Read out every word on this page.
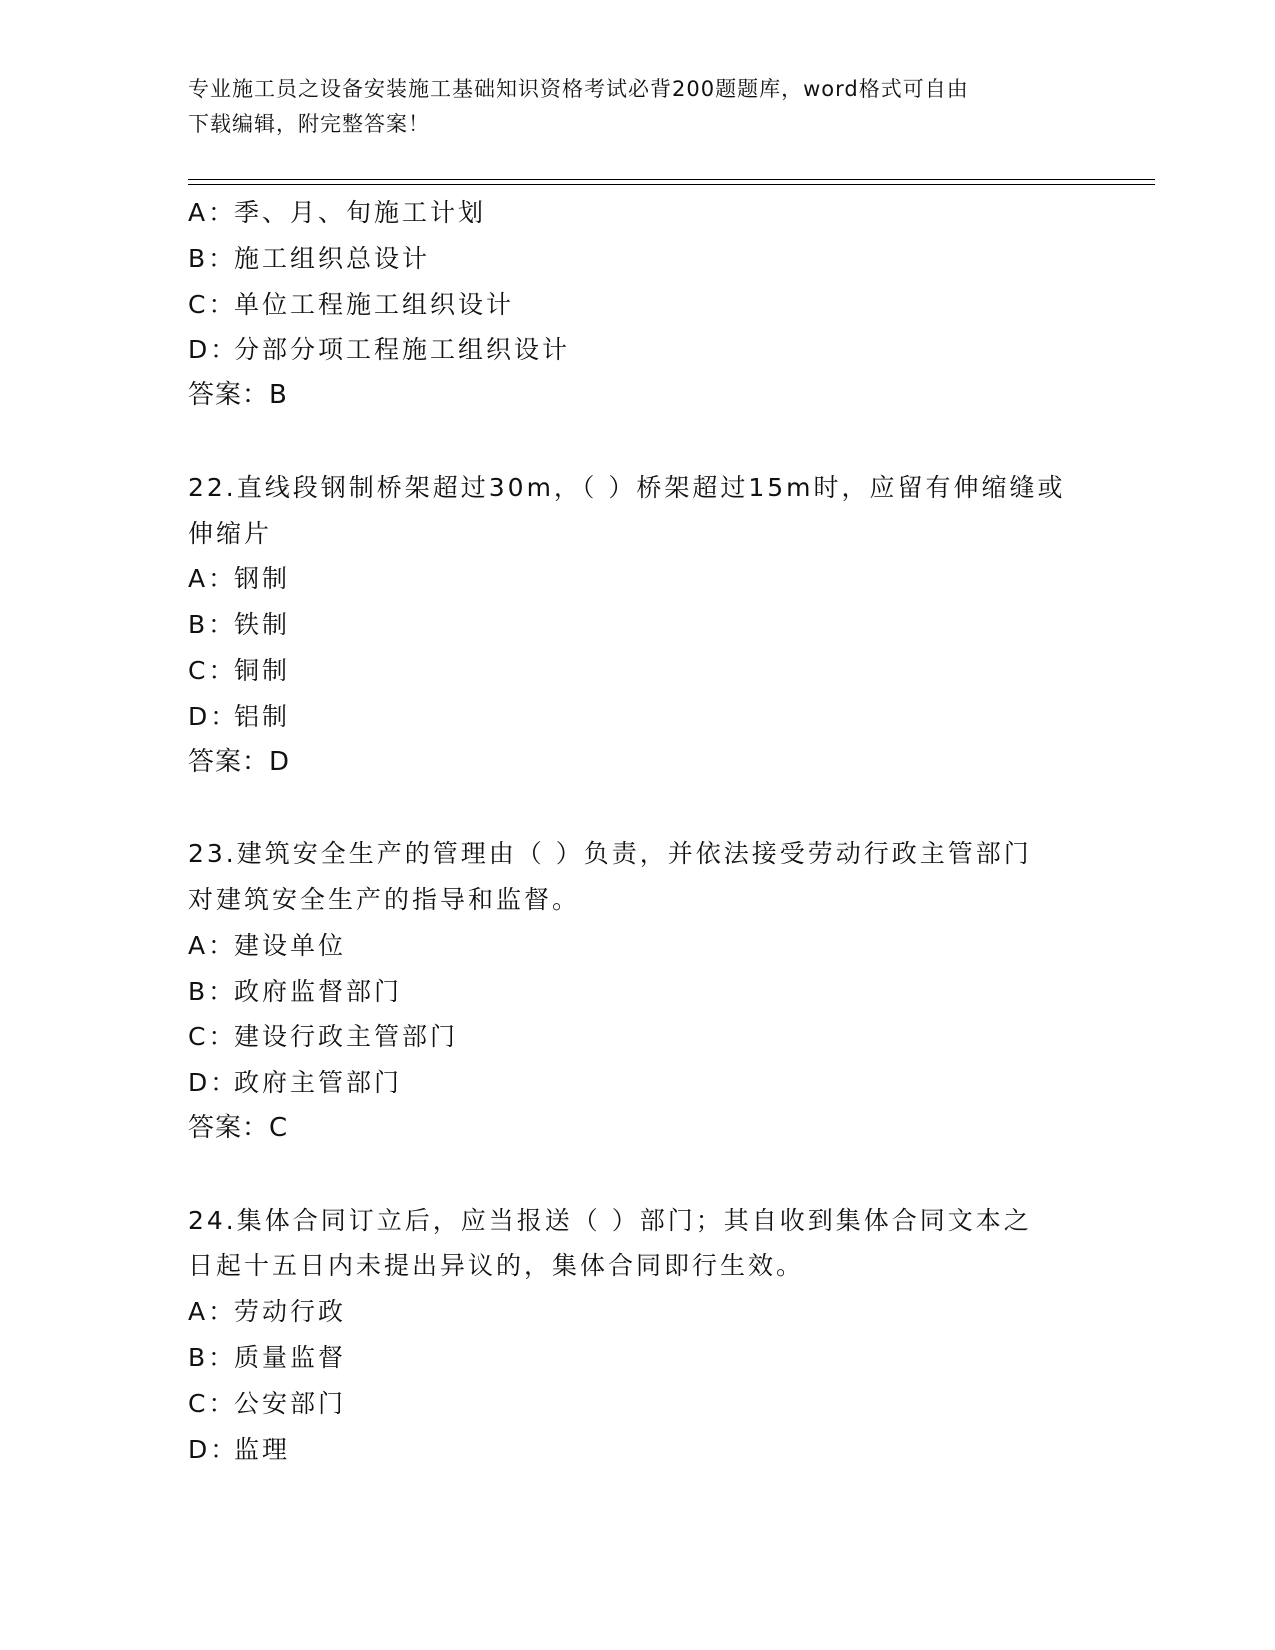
专业施工员之设备安装施工基础知识资格考试必背200题题库，word格式可自由
下载编辑，附完整答案！
A：季、月、旬施工计划
B：施工组织总设计
C：单位工程施工组织设计
D：分部分项工程施工组织设计
答案：B
22.直线段钢制桥架超过30m，（ ）桥架超过15m时，应留有伸缩缝或
伸缩片
A：钢制
B：铁制
C：铜制
D：铝制
答案：D
23.建筑安全生产的管理由（ ）负责，并依法接受劳动行政主管部门
对建筑安全生产的指导和监督。
A：建设单位
B：政府监督部门
C：建设行政主管部门
D：政府主管部门
答案：C
24.集体合同订立后，应当报送（ ）部门；其自收到集体合同文本之
日起十五日内未提出异议的，集体合同即行生效。
A：劳动行政
B：质量监督
C：公安部门
D：监理
